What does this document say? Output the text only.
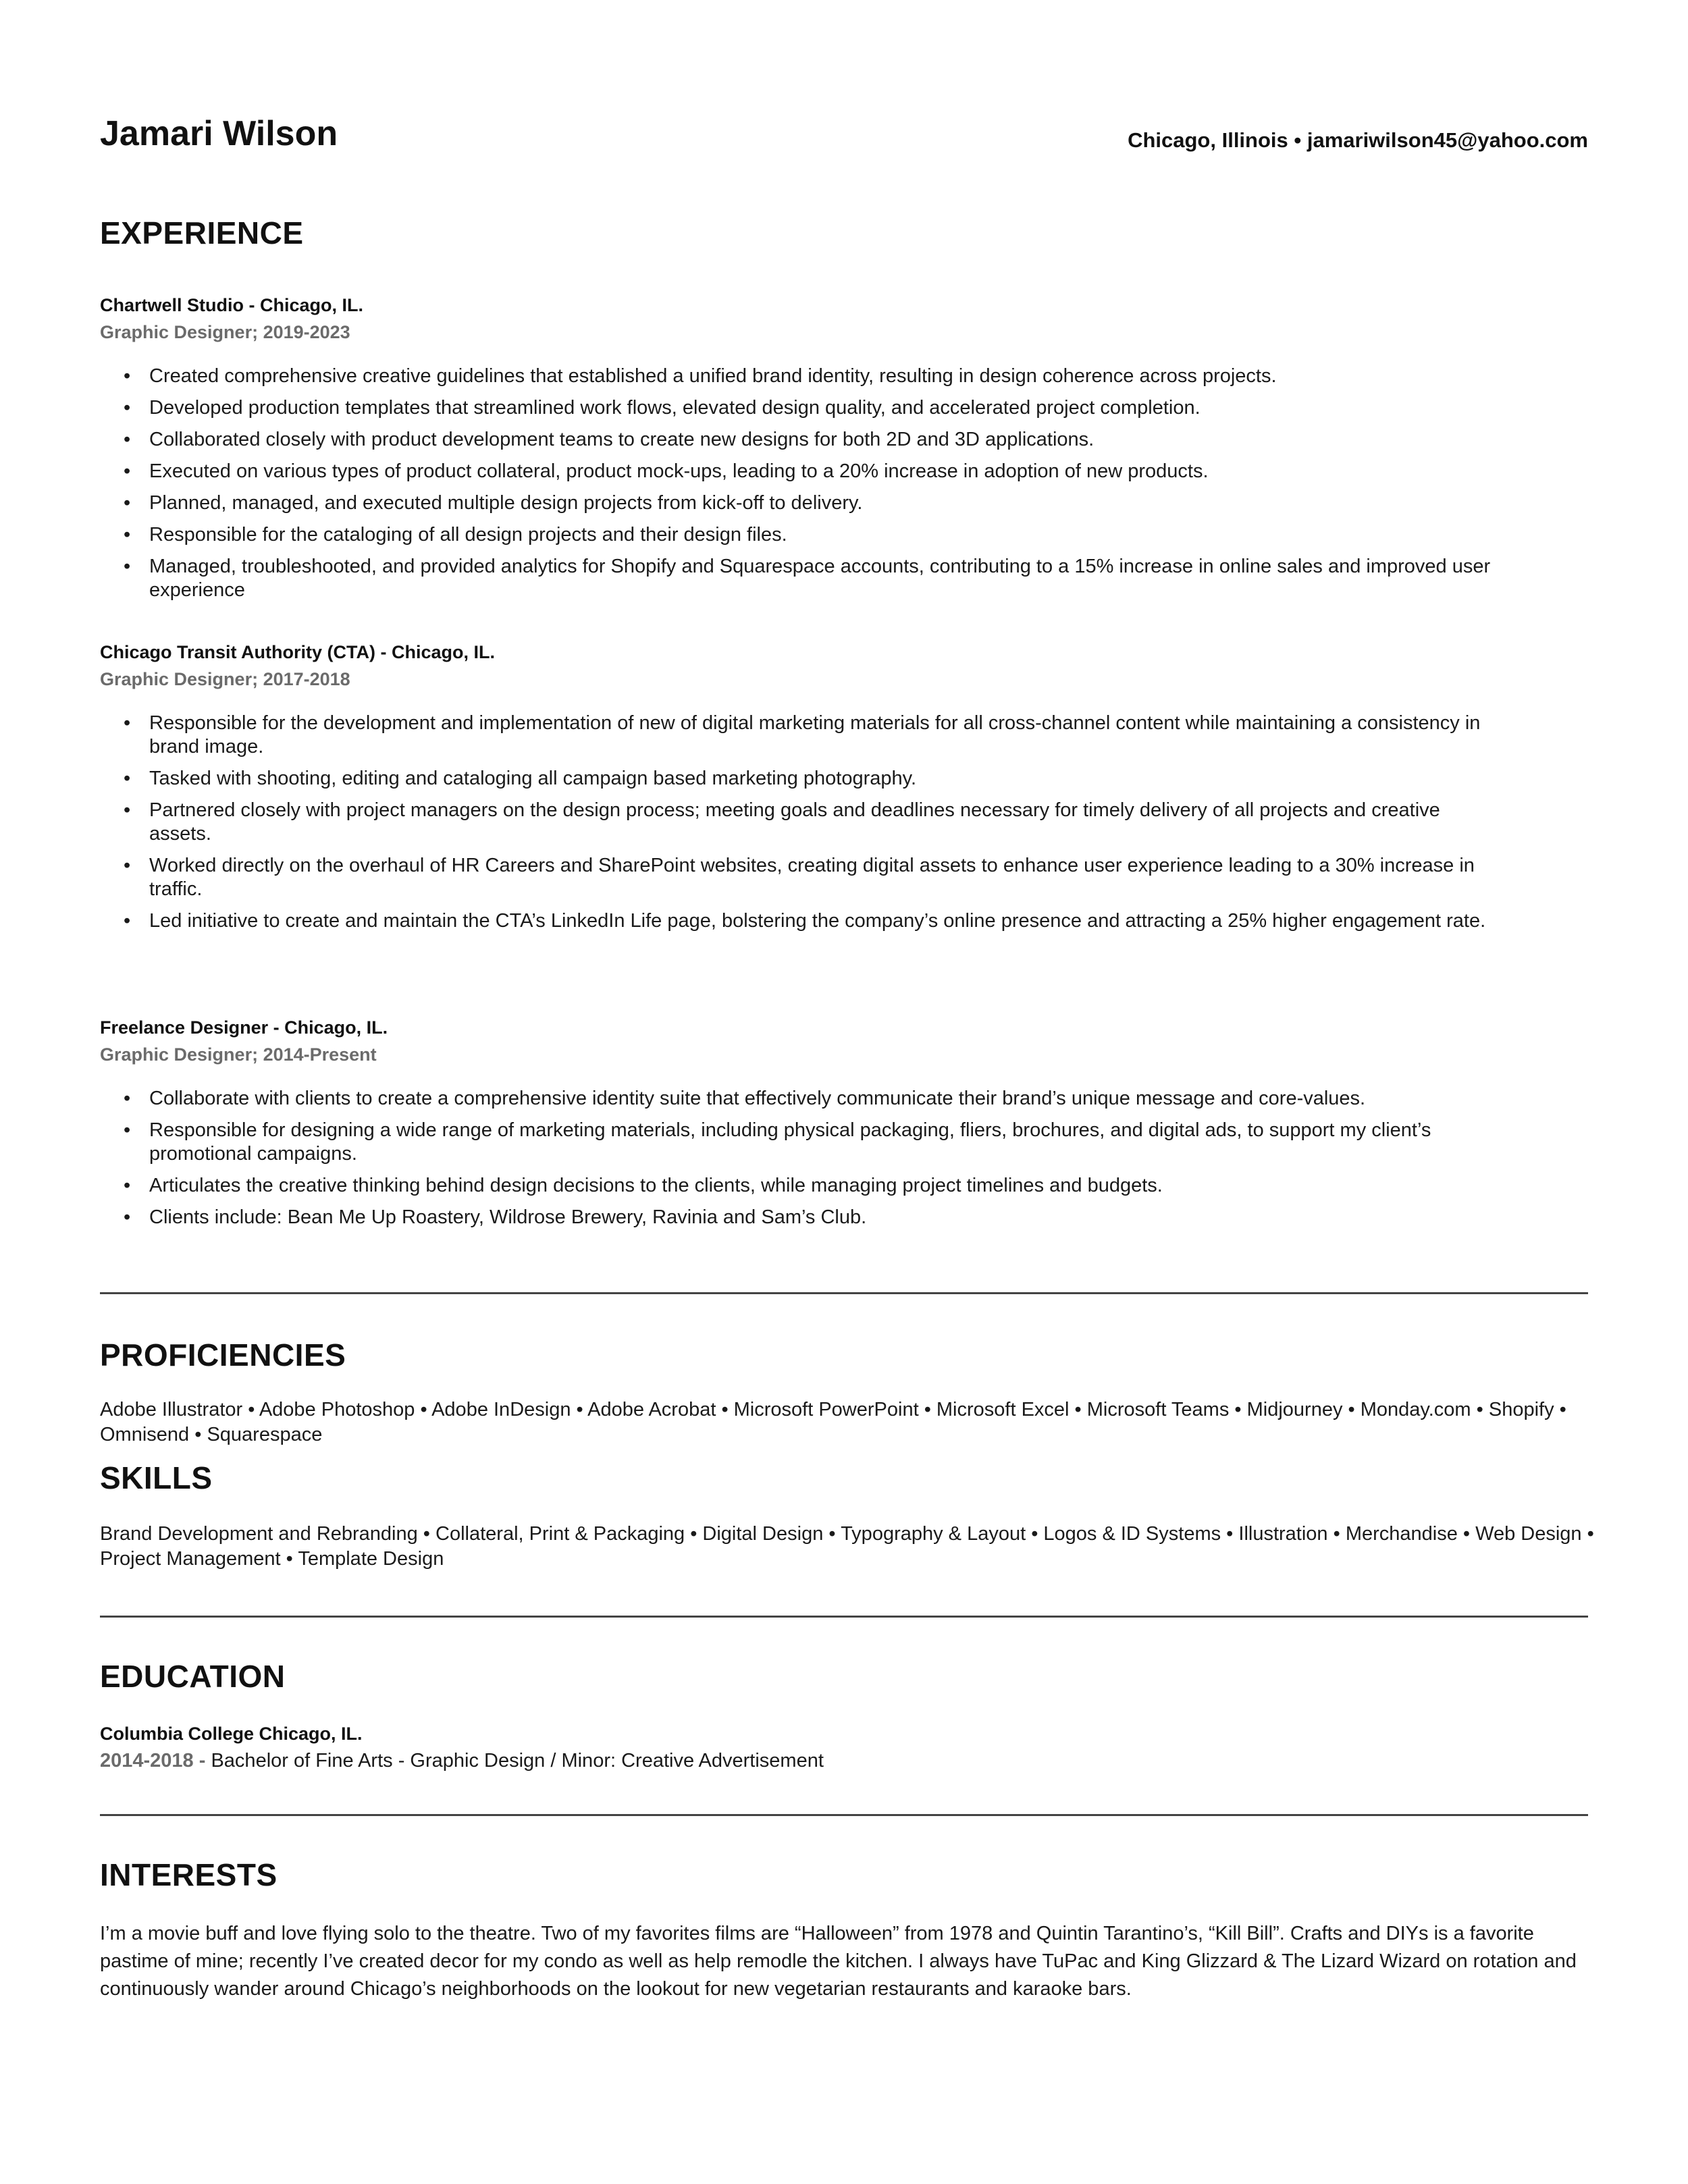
Jamari Wilson	Chicago, Illinois • jamariwilson45@yahoo.com
EXPERIENCE
Chartwell Studio - Chicago, IL.
Graphic Designer; 2019-2023
• Created comprehensive creative guidelines that established a unified brand identity, resulting in design coherence across projects.
• Developed production templates that streamlined work flows, elevated design quality, and accelerated project completion.
• Collaborated closely with product development teams to create new designs for both 2D and 3D applications.
• Executed on various types of product collateral, product mock-ups, leading to a 20% increase in adoption of new products.
• Planned, managed, and executed multiple design projects from kick-off to delivery.
• Responsible for the cataloging of all design projects and their design files.
• Managed, troubleshooted, and provided analytics for Shopify and Squarespace accounts, contributing to a 15% increase in online sales and improved user experience
Chicago Transit Authority (CTA) - Chicago, IL.
Graphic Designer; 2017-2018
• Responsible for the development and implementation of new of digital marketing materials for all cross-channel content while maintaining a consistency in brand image.
• Tasked with shooting, editing and cataloging all campaign based marketing photography.
• Partnered closely with project managers on the design process; meeting goals and deadlines necessary for timely delivery of all projects and creative assets.
• Worked directly on the overhaul of HR Careers and SharePoint websites, creating digital assets to enhance user experience leading to a 30% increase in traffic.
• Led initiative to create and maintain the CTA’s LinkedIn Life page, bolstering the company’s online presence and attracting a 25% higher engagement rate.
Freelance Designer - Chicago, IL.
Graphic Designer; 2014-Present
• Collaborate with clients to create a comprehensive identity suite that effectively communicate their brand’s unique message and core-values.
• Responsible for designing a wide range of marketing materials, including physical packaging, fliers, brochures, and digital ads, to support my client’s promotional campaigns.
• Articulates the creative thinking behind design decisions to the clients, while managing project timelines and budgets.
• Clients include: Bean Me Up Roastery, Wildrose Brewery, Ravinia and Sam’s Club.
PROFICIENCIES

Adobe Illustrator • Adobe Photoshop • Adobe InDesign • Adobe Acrobat • Microsoft PowerPoint • Microsoft Excel • Microsoft Teams • Midjourney • Monday.com • Shopify • Omnisend • Squarespace

SKILLS

Brand Development and Rebranding • Collateral, Print & Packaging • Digital Design • Typography & Layout • Logos & ID Systems • Illustration • Merchandise • Web Design • Project Management • Template Design

EDUCATION
Columbia College Chicago, IL.
2014-2018 - Bachelor of Fine Arts - Graphic Design / Minor: Creative Advertisement
INTERESTS

I’m a movie buff and love flying solo to the theatre. Two of my favorites films are “Halloween” from 1978 and Quintin Tarantino’s, “Kill Bill”. Crafts and DIYs is a favorite pastime of mine; recently I’ve created decor for my condo as well as help remodle the kitchen. I always have TuPac and King Glizzard & The Lizard Wizard on rotation and continuously wander around Chicago’s neighborhoods on the lookout for new vegetarian restaurants and karaoke bars.
